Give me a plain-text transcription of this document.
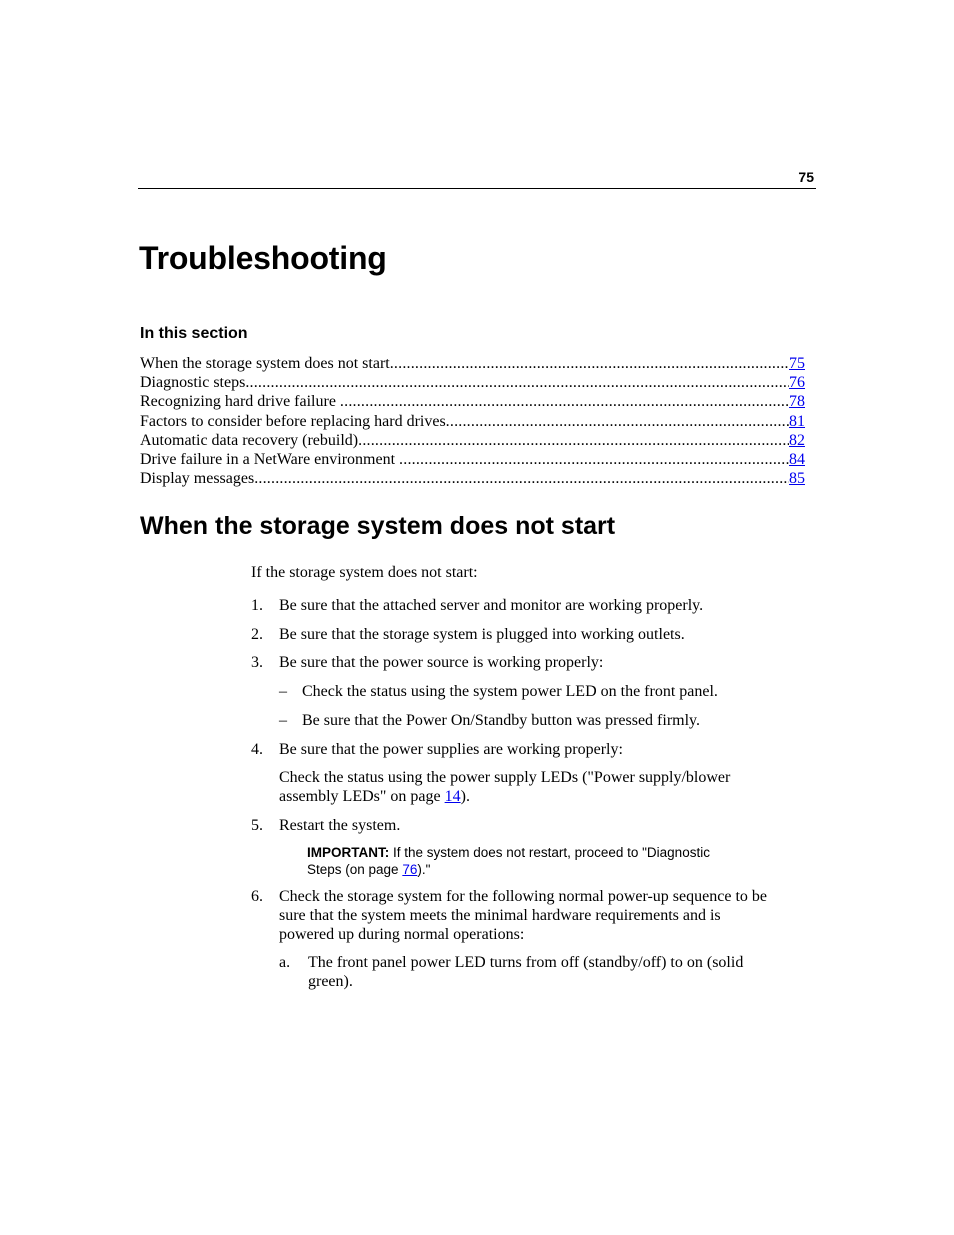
75
Troubleshooting
In this section
When the storage system does not start .....	75
Diagnostic steps .....	76
Recognizing hard drive failure .....	78
Factors to consider before replacing hard drives .....	81
Automatic data recovery (rebuild) .....	82
Drive failure in a NetWare environment .....	84
Display messages .....	85
When the storage system does not start
If the storage system does not start:
1. Be sure that the attached server and monitor are working properly.
2. Be sure that the storage system is plugged into working outlets.
3. Be sure that the power source is working properly:
– Check the status using the system power LED on the front panel.
– Be sure that the Power On/Standby button was pressed firmly.
4. Be sure that the power supplies are working properly:
Check the status using the power supply LEDs ("Power supply/blower
assembly LEDs" on page 14).
5. Restart the system.
IMPORTANT: If the system does not restart, proceed to "Diagnostic
Steps (on page 76)."
6. Check the storage system for the following normal power-up sequence to be
sure that the system meets the minimal hardware requirements and is
powered up during normal operations:
a. The front panel power LED turns from off (standby/off) to on (solid
green).
